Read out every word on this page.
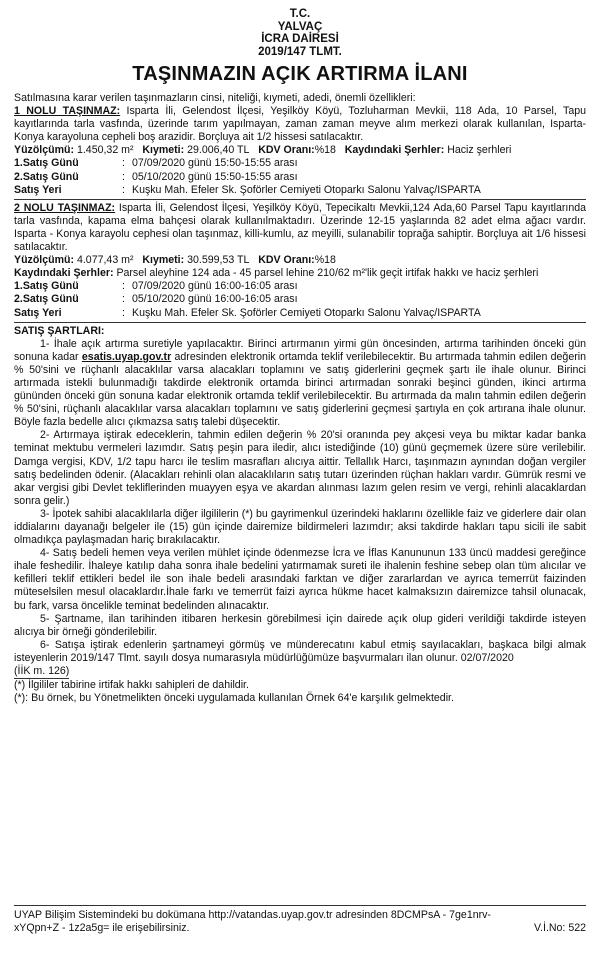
T.C.
YALVAÇ
İCRA DAİRESİ
2019/147 TLMT.
TAŞINMAZIN AÇIK ARTIRMA İLANI

Satılmasına karar verilen taşınmazların cinsi, niteliği, kıymeti, adedi, önemli özellikleri:

1 NOLU TAŞINMAZ: Isparta İli, Gelendost İlçesi, Yeşilköy Köyü, Tozluharman Mevkii, 118 Ada, 10 Parsel, Tapu kayıtlarında tarla vasfında, üzerinde tarım yapılmayan, zaman zaman meyve alım merkezi olarak kullanılan, Isparta-Konya karayoluna cepheli boş arazidir. Borçluya ait 1/2 hissesi satılacaktır.

Yüzölçümü: 1.450,32 m² Kıymeti: 29.006,40 TL KDV Oranı:%18 Kaydındaki Şerhler: Haciz şerhleri

1.Satış Günü	: 07/09/2020 günü 15:50-15:55 arası
2.Satış Günü	: 05/10/2020 günü 15:50-15:55 arası
Satış Yeri	: Kuşku Mah. Efeler Sk. Şoförler Cemiyeti Otoparkı Salonu Yalvaç/ISPARTA

2 NOLU TAŞINMAZ: Isparta İli, Gelendost İlçesi, Yeşilköy Köyü, Tepecikaltı Mevkii,124 Ada,60 Parsel Tapu kayıtlarında tarla vasfında, kapama elma bahçesi olarak kullanılmaktadırı. Üzerinde 12-15 yaşlarında 82 adet elma ağacı vardır. Isparta - Konya karayolu cephesi olan taşınmaz, killi-kumlu, az meyilli, sulanabilir toprağa sahiptir. Borçluya ait 1/6 hissesi satılacaktır.

Yüzölçümü: 4.077,43 m² Kıymeti: 30.599,53 TL KDV Oranı:%18

Kaydındaki Şerhler: Parsel aleyhine 124 ada - 45 parsel lehine 210/62 m²'lik geçit irtifak hakkı ve haciz şerhleri

1.Satış Günü	: 07/09/2020 günü 16:00-16:05 arası
2.Satış Günü	: 05/10/2020 günü 16:00-16:05 arası
Satış Yeri	: Kuşku Mah. Efeler Sk. Şoförler Cemiyeti Otoparkı Salonu Yalvaç/ISPARTA
SATIŞ ŞARTLARI:

1- İhale açık artırma suretiyle yapılacaktır. Birinci artırmanın yirmi gün öncesinden, artırma tarihinden önceki gün sonuna kadar esatis.uyap.gov.tr adresinden elektronik ortamda teklif verilebilecektir. Bu artırmada tahmin edilen değerin % 50'sini ve rüçhanlı alacaklılar varsa alacakları toplamını ve satış giderlerini geçmek şartı ile ihale olunur. Birinci artırmada istekli bulunmadığı takdirde elektronik ortamda birinci artırmadan sonraki beşinci günden, ikinci artırma gününden önceki gün sonuna kadar elektronik ortamda teklif verilebilecektir. Bu artırmada da malın tahmin edilen değerin % 50'sini, rüçhanlı alacaklılar varsa alacakları toplamını ve satış giderlerini geçmesi şartıyla en çok artırana ihale olunur. Böyle fazla bedelle alıcı çıkmazsa satış talebi düşecektir.

2- Artırmaya iştirak edeceklerin, tahmin edilen değerin % 20'si oranında pey akçesi veya bu miktar kadar banka teminat mektubu vermeleri lazımdır. Satış peşin para iledir, alıcı istediğinde (10) günü geçmemek üzere süre verilebilir. Damga vergisi, KDV, 1/2 tapu harcı ile teslim masrafları alıcıya aittir. Tellallık Harcı, taşınmazın aynından doğan vergiler satış bedelinden ödenir. (Alacakları rehinli olan alacaklıların satış tutarı üzerinden rüçhan hakları vardır. Gümrük resmi ve akar vergisi gibi Devlet tekliflerinden muayyen eşya ve akardan alınması lazım gelen resim ve vergi, rehinli alacaklardan sonra gelir.)

3- İpotek sahibi alacaklılarla diğer ilgililerin (*) bu gayrimenkul üzerindeki haklarını özellikle faiz ve giderlere dair olan iddialarını dayanağı belgeler ile (15) gün içinde dairemize bildirmeleri lazımdır; aksi takdirde hakları tapu sicili ile sabit olmadıkça paylaşmadan hariç bırakılacaktır.

4- Satış bedeli hemen veya verilen mühlet içinde ödenmezse İcra ve İflas Kanununun 133 üncü maddesi gereğince ihale feshedilir. İhaleye katılıp daha sonra ihale bedelini yatırmamak sureti ile ihalenin feshine sebep olan tüm alıcılar ve kefilleri teklif ettikleri bedel ile son ihale bedeli arasındaki farktan ve diğer zararlardan ve ayrıca temerrüt faizinden müteselsilen mesul olacaklardır.İhale farkı ve temerrüt faizi ayrıca hükme hacet kalmaksızın dairemizce tahsil olunacak, bu fark, varsa öncelikle teminat bedelinden alınacaktır.

5- Şartname, ilan tarihinden itibaren herkesin görebilmesi için dairede açık olup gideri verildiği takdirde isteyen alıcıya bir örneği gönderilebilir.

6- Satışa iştirak edenlerin şartnameyi görmüş ve münderecatını kabul etmiş sayılacakları, başkaca bilgi almak isteyenlerin 2019/147 Tlmt. sayılı dosya numarasıyla müdürlüğümüze başvurmaları ilan olunur. 02/07/2020

(İİK m. 126)
(*) İlgililer tabirine irtifak hakkı sahipleri de dahildir.
(*): Bu örnek, bu Yönetmelikten önceki uygulamada kullanılan Örnek 64'e karşılık gelmektedir.
UYAP Bilişim Sistemindeki bu dokümana http://vatandas.uyap.gov.tr adresinden 8DCMPsA - 7ge1nrv-
xYQpn+Z - 1z2a5g= ile erişebilirsiniz.	V.İ.No: 522
